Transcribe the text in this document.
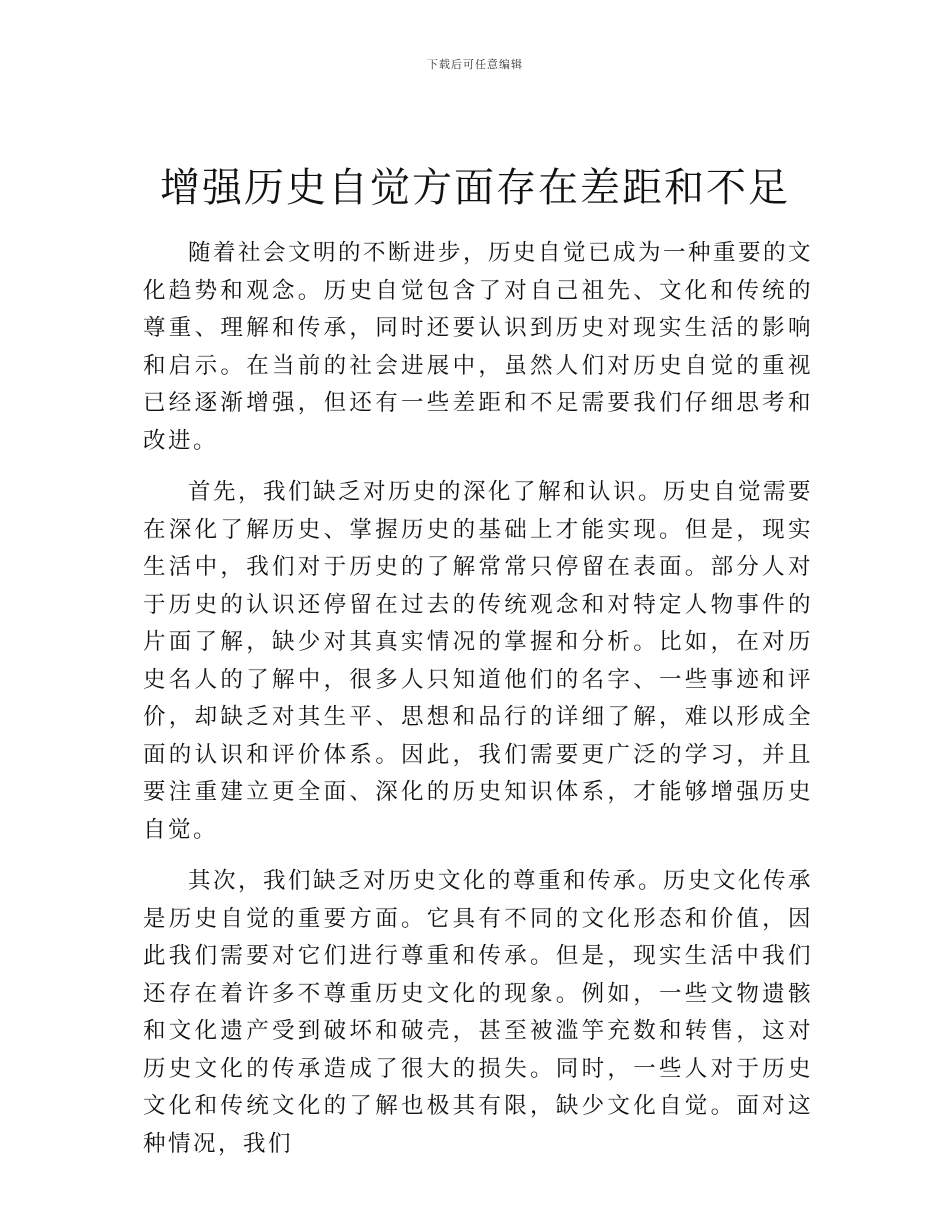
下载后可任意编辑
增强历史自觉方面存在差距和不足

随着社会文明的不断进步，历史自觉已成为一种重要的文化趋势和观念。历史自觉包含了对自己祖先、文化和传统的尊重、理解和传承，同时还要认识到历史对现实生活的影响和启示。在当前的社会进展中，虽然人们对历史自觉的重视已经逐渐增强，但还有一些差距和不足需要我们仔细思考和改进。

首先，我们缺乏对历史的深化了解和认识。历史自觉需要在深化了解历史、掌握历史的基础上才能实现。但是，现实生活中，我们对于历史的了解常常只停留在表面。部分人对于历史的认识还停留在过去的传统观念和对特定人物事件的片面了解，缺少对其真实情况的掌握和分析。比如，在对历史名人的了解中，很多人只知道他们的名字、一些事迹和评价，却缺乏对其生平、思想和品行的详细了解，难以形成全面的认识和评价体系。因此，我们需要更广泛的学习，并且要注重建立更全面、深化的历史知识体系，才能够增强历史自觉。

其次，我们缺乏对历史文化的尊重和传承。历史文化传承是历史自觉的重要方面。它具有不同的文化形态和价值，因此我们需要对它们进行尊重和传承。但是，现实生活中我们还存在着许多不尊重历史文化的现象。例如，一些文物遗骸和文化遗产受到破坏和破壳，甚至被滥竽充数和转售，这对历史文化的传承造成了很大的损失。同时，一些人对于历史文化和传统文化的了解也极其有限，缺少文化自觉。面对这种情况，我们
